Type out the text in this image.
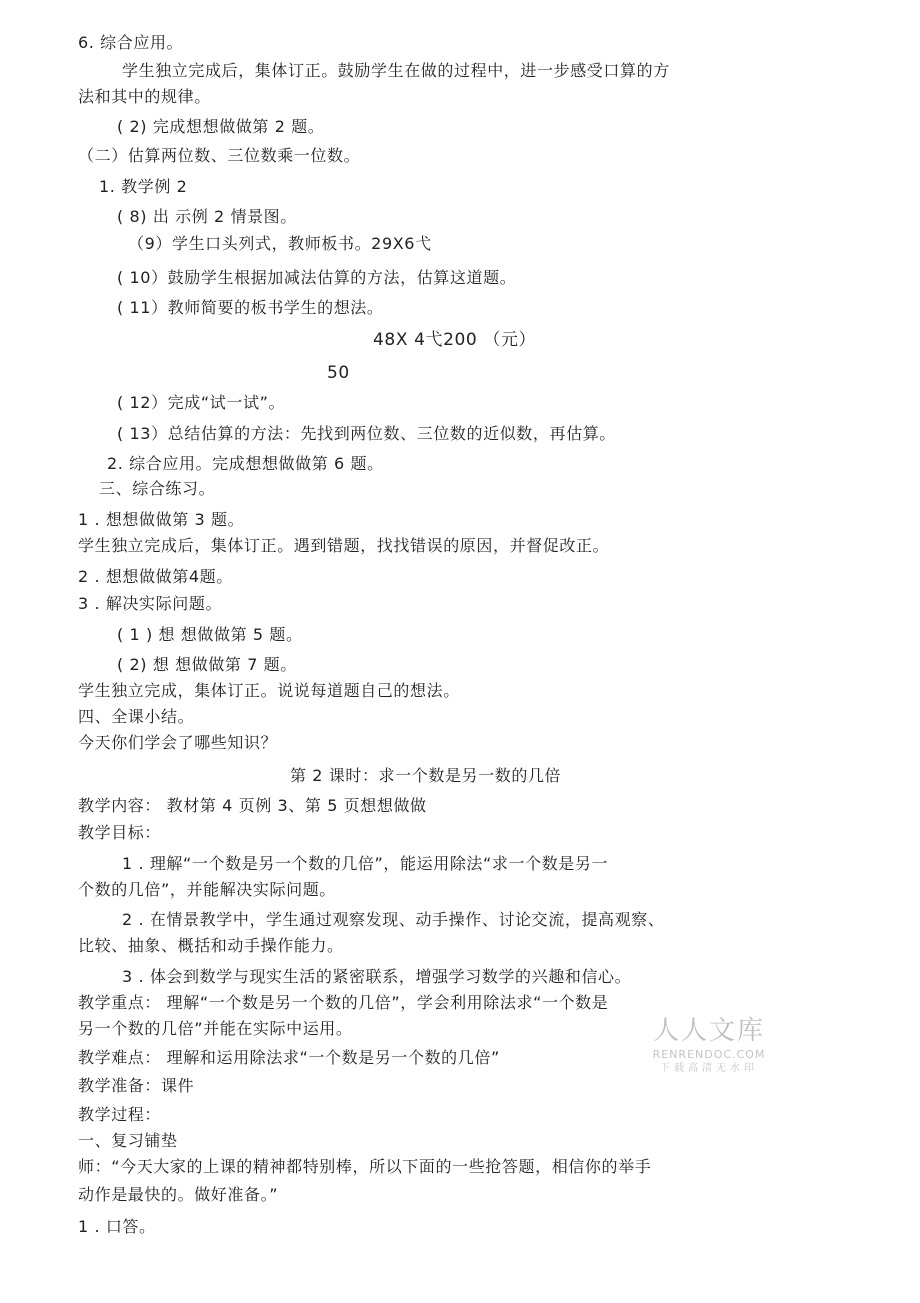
6. 综合应用。
学生独立完成后，集体订正。鼓励学生在做的过程中，进一步感受口算的方
法和其中的规律。
( 2) 完成想想做做第 2 题。
（二）估算两位数、三位数乘一位数。
1. 教学例 2
( 8) 出 示例 2 情景图。
（9）学生口头列式，教师板书。29X6弋
( 10）鼓励学生根据加减法估算的方法，估算这道题。
( 11）教师简要的板书学生的想法。
48X 4弋200 （元）
50
( 12）完成“试一试”。
( 13）总结估算的方法：先找到两位数、三位数的近似数，再估算。
2. 综合应用。完成想想做做第 6 题。
三、综合练习。
1 . 想想做做第 3 题。
学生独立完成后，集体订正。遇到错题，找找错误的原因，并督促改正。
2 . 想想做做第4题。
3 . 解决实际问题。
( 1 ) 想 想做做第 5 题。
( 2) 想 想做做第 7 题。
学生独立完成，集体订正。说说每道题自己的想法。
四、全课小结。
今天你们学会了哪些知识？
第 2 课时：求一个数是另一数的几倍
教学内容： 教材第 4 页例 3、第 5 页想想做做
教学目标：
1 . 理解“一个数是另一个数的几倍”，能运用除法“求一个数是另一
个数的几倍”，并能解决实际问题。
2 . 在情景教学中，学生通过观察发现、动手操作、讨论交流，提高观察、
比较、抽象、概括和动手操作能力。
3 . 体会到数学与现实生活的紧密联系，增强学习数学的兴趣和信心。
教学重点： 理解“一个数是另一个数的几倍”，学会利用除法求“一个数是
另一个数的几倍”并能在实际中运用。
教学难点： 理解和运用除法求“一个数是另一个数的几倍”
教学准备：课件
教学过程：
一、复习铺垫
师：“今天大家的上课的精神都特别棒，所以下面的一些抢答题，相信你的举手
动作是最快的。做好准备。”
1 . 口答。
人人文库
RENRENDOC.COM
下载高清无水印
